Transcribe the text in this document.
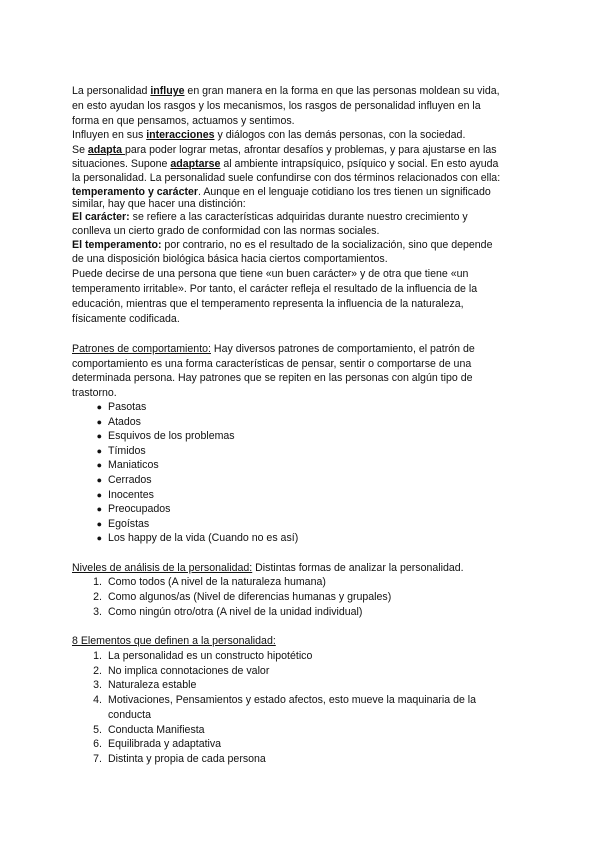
La personalidad influye en gran manera en la forma en que las personas moldean su vida,
en esto ayudan los rasgos y los mecanismos, los rasgos de personalidad influyen en la
forma en que pensamos, actuamos y sentimos.
Influyen en sus interacciones y diálogos con las demás personas, con la sociedad.
Se adapta para poder lograr metas, afrontar desafíos y problemas, y para ajustarse en las
situaciones. Supone adaptarse al ambiente intrapsíquico, psíquico y social. En esto ayuda
la personalidad. La personalidad suele confundirse con dos términos relacionados con ella:
temperamento y carácter. Aunque en el lenguaje cotidiano los tres tienen un significado
similar, hay que hacer una distinción:
El carácter: se refiere a las características adquiridas durante nuestro crecimiento y
conlleva un cierto grado de conformidad con las normas sociales.
El temperamento: por contrario, no es el resultado de la socialización, sino que depende
de una disposición biológica básica hacia ciertos comportamientos.
Puede decirse de una persona que tiene «un buen carácter» y de otra que tiene «un
temperamento irritable». Por tanto, el carácter refleja el resultado de la influencia de la
educación, mientras que el temperamento representa la influencia de la naturaleza,
físicamente codificada.
Patrones de comportamiento: Hay diversos patrones de comportamiento, el patrón de
comportamiento es una forma características de pensar, sentir o comportarse de una
determinada persona. Hay patrones que se repiten en las personas con algún tipo de
trastorno.
Niveles de análisis de la personalidad: Distintas formas de analizar la personalidad.
8 Elementos que definen a la personalidad:
● Pasotas
● Atados
● Esquivos de los problemas
● Tímidos
● Maniaticos
● Cerrados
● Inocentes
● Preocupados
● Egoístas
● Los happy de la vida (Cuando no es así)
1. Como todos (A nivel de la naturaleza humana)
2. Como algunos/as (Nivel de diferencias humanas y grupales)
3. Como ningún otro/otra (A nivel de la unidad individual)
1. La personalidad es un constructo hipotético
2. No implica connotaciones de valor
3. Naturaleza estable
4. Motivaciones, Pensamientos y estado afectos, esto mueve la maquinaria de la
conducta
5. Conducta Manifiesta
6. Equilibrada y adaptativa
7. Distinta y propia de cada persona
